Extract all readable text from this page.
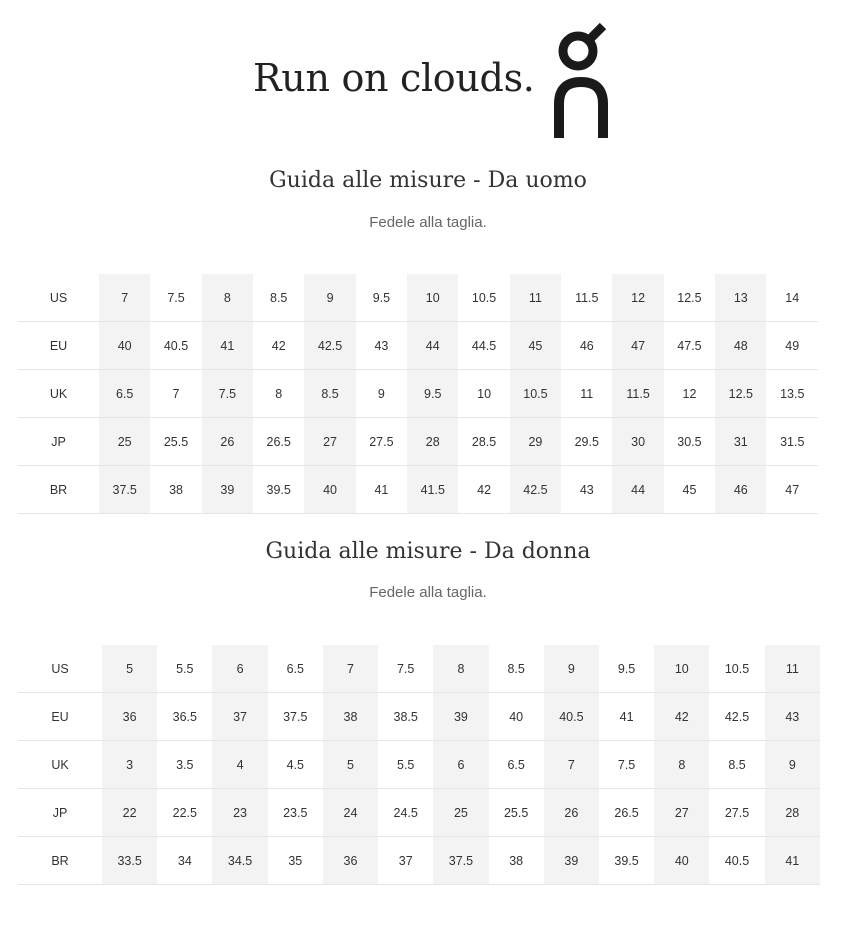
Run on clouds.
Guida alle misure - Da uomo
Fedele alla taglia.
US	7	7.5	8	8.5	9	9.5	10	10.5	11	11.5	12	12.5	13	14
EU	40	40.5	41	42	42.5	43	44	44.5	45	46	47	47.5	48	49
UK	6.5	7	7.5	8	8.5	9	9.5	10	10.5	11	11.5	12	12.5	13.5
JP	25	25.5	26	26.5	27	27.5	28	28.5	29	29.5	30	30.5	31	31.5
BR	37.5	38	39	39.5	40	41	41.5	42	42.5	43	44	45	46	47
Guida alle misure - Da donna
Fedele alla taglia.
US	5	5.5	6	6.5	7	7.5	8	8.5	9	9.5	10	10.5	11
EU	36	36.5	37	37.5	38	38.5	39	40	40.5	41	42	42.5	43
UK	3	3.5	4	4.5	5	5.5	6	6.5	7	7.5	8	8.5	9
JP	22	22.5	23	23.5	24	24.5	25	25.5	26	26.5	27	27.5	28
BR	33.5	34	34.5	35	36	37	37.5	38	39	39.5	40	40.5	41
